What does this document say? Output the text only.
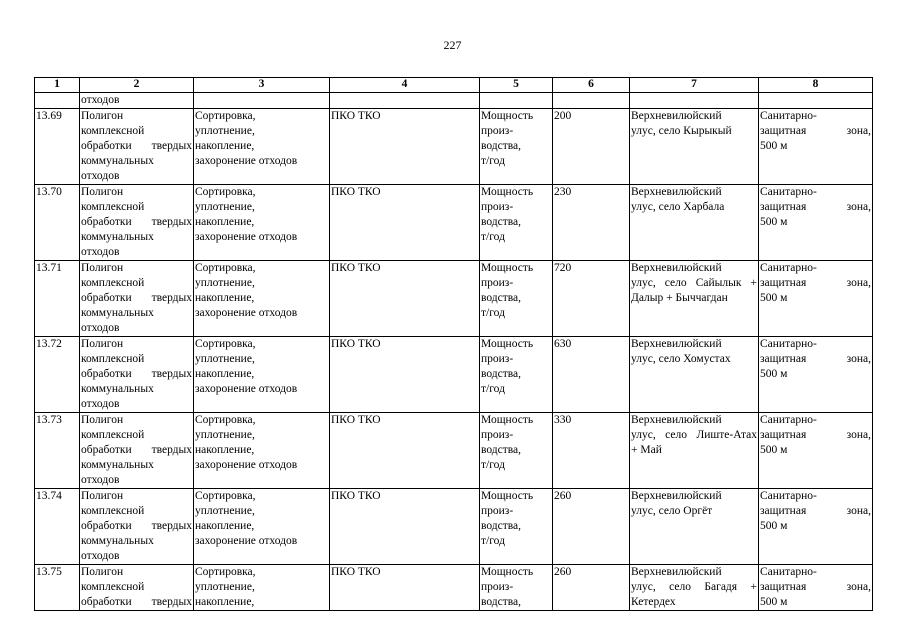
227
1	2	3	4	5	6	7	8

	отходов						

13.69	Полигон
комплексной
обработки твердых
коммунальных
отходов	Сортировка,
уплотнение,
накопление,
захоронение отходов	ПКО ТКО	Мощность
произ-
водства,
т/год	200	Верхневилюйский
улус, село Кырыкый	Санитарно-
защитная зона,
500 м

13.70	Полигон
комплексной
обработки твердых
коммунальных
отходов	Сортировка,
уплотнение,
накопление,
захоронение отходов	ПКО ТКО	Мощность
произ-
водства,
т/год	230	Верхневилюйский
улус, село Харбала	Санитарно-
защитная зона,
500 м

13.71	Полигон
комплексной
обработки твердых
коммунальных
отходов	Сортировка,
уплотнение,
накопление,
захоронение отходов	ПКО ТКО	Мощность
произ-
водства,
т/год	720	Верхневилюйский
улус, село Сайылык +
Далыр + Быччагдан	Санитарно-
защитная зона,
500 м

13.72	Полигон
комплексной
обработки твердых
коммунальных
отходов	Сортировка,
уплотнение,
накопление,
захоронение отходов	ПКО ТКО	Мощность
произ-
водства,
т/год	630	Верхневилюйский
улус, село Хомустах	Санитарно-
защитная зона,
500 м

13.73	Полигон
комплексной
обработки твердых
коммунальных
отходов	Сортировка,
уплотнение,
накопление,
захоронение отходов	ПКО ТКО	Мощность
произ-
водства,
т/год	330	Верхневилюйский
улус, село Лиште-Атах
+ Май	Санитарно-
защитная зона,
500 м

13.74	Полигон
комплексной
обработки твердых
коммунальных
отходов	Сортировка,
уплотнение,
накопление,
захоронение отходов	ПКО ТКО	Мощность
произ-
водства,
т/год	260	Верхневилюйский
улус, село Оргёт	Санитарно-
защитная зона,
500 м

13.75	Полигон
комплексной
обработки твердых	Сортировка,
уплотнение,
накопление,	ПКО ТКО	Мощность
произ-
водства,	260	Верхневилюйский
улус, село Багадя +
Кетердех	Санитарно-
защитная зона,
500 м
